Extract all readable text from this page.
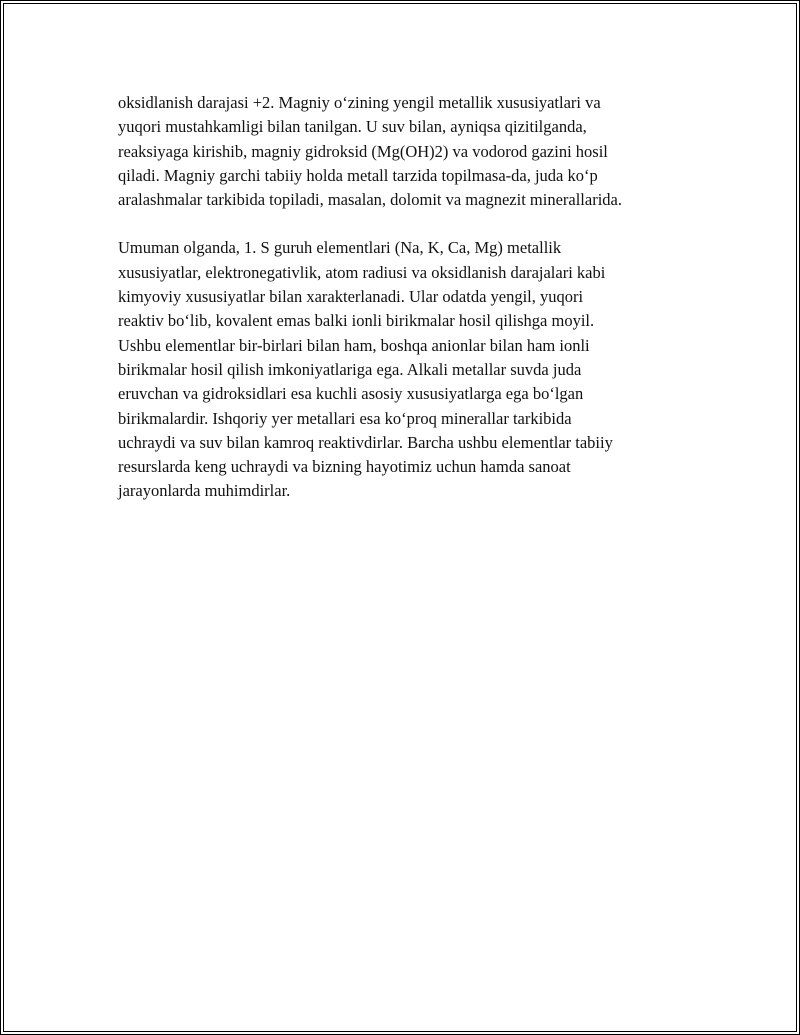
oksidlanish darajasi +2. Magniy o‘zining yengil metallik xususiyatlari va
yuqori mustahkamligi bilan tanilgan. U suv bilan, ayniqsa qizitilganda,
reaksiyaga kirishib, magniy gidroksid (Mg(OH)2) va vodorod gazini hosil
qiladi. Magniy garchi tabiiy holda metall tarzida topilmasa-da, juda ko‘p
aralashmalar tarkibida topiladi, masalan, dolomit va magnezit minerallarida.
Umuman olganda, 1. S guruh elementlari (Na, K, Ca, Mg) metallik
xususiyatlar, elektronegativlik, atom radiusi va oksidlanish darajalari kabi
kimyoviy xususiyatlar bilan xarakterlanadi. Ular odatda yengil, yuqori
reaktiv bo‘lib, kovalent emas balki ionli birikmalar hosil qilishga moyil.
Ushbu elementlar bir-birlari bilan ham, boshqa anionlar bilan ham ionli
birikmalar hosil qilish imkoniyatlariga ega. Alkali metallar suvda juda
eruvchan va gidroksidlari esa kuchli asosiy xususiyatlarga ega bo‘lgan
birikmalardir. Ishqoriy yer metallari esa ko‘proq minerallar tarkibida
uchraydi va suv bilan kamroq reaktivdirlar. Barcha ushbu elementlar tabiiy
resurslarda keng uchraydi va bizning hayotimiz uchun hamda sanoat
jarayonlarda muhimdirlar.
